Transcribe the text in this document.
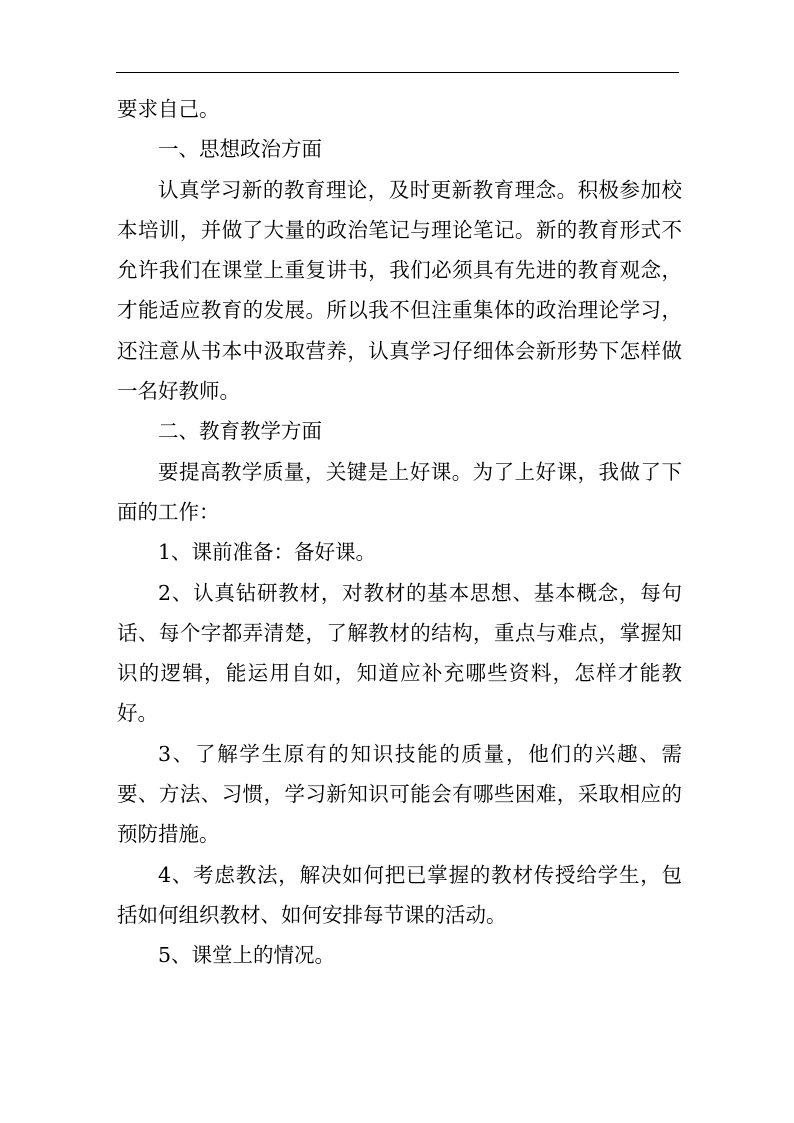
要求自己。

一、思想政治方面

认真学习新的教育理论，及时更新教育理念。积极参加校本培训，并做了大量的政治笔记与理论笔记。新的教育形式不允许我们在课堂上重复讲书，我们必须具有先进的教育观念，才能适应教育的发展。所以我不但注重集体的政治理论学习，还注意从书本中汲取营养，认真学习仔细体会新形势下怎样做一名好教师。

二、教育教学方面

要提高教学质量，关键是上好课。为了上好课，我做了下面的工作：

1、课前准备：备好课。

2、认真钻研教材，对教材的基本思想、基本概念，每句话、每个字都弄清楚，了解教材的结构，重点与难点，掌握知识的逻辑，能运用自如，知道应补充哪些资料，怎样才能教好。

3、了解学生原有的知识技能的质量，他们的兴趣、需要、方法、习惯，学习新知识可能会有哪些困难，采取相应的预防措施。

4、考虑教法，解决如何把已掌握的教材传授给学生，包括如何组织教材、如何安排每节课的活动。

5、课堂上的情况。
